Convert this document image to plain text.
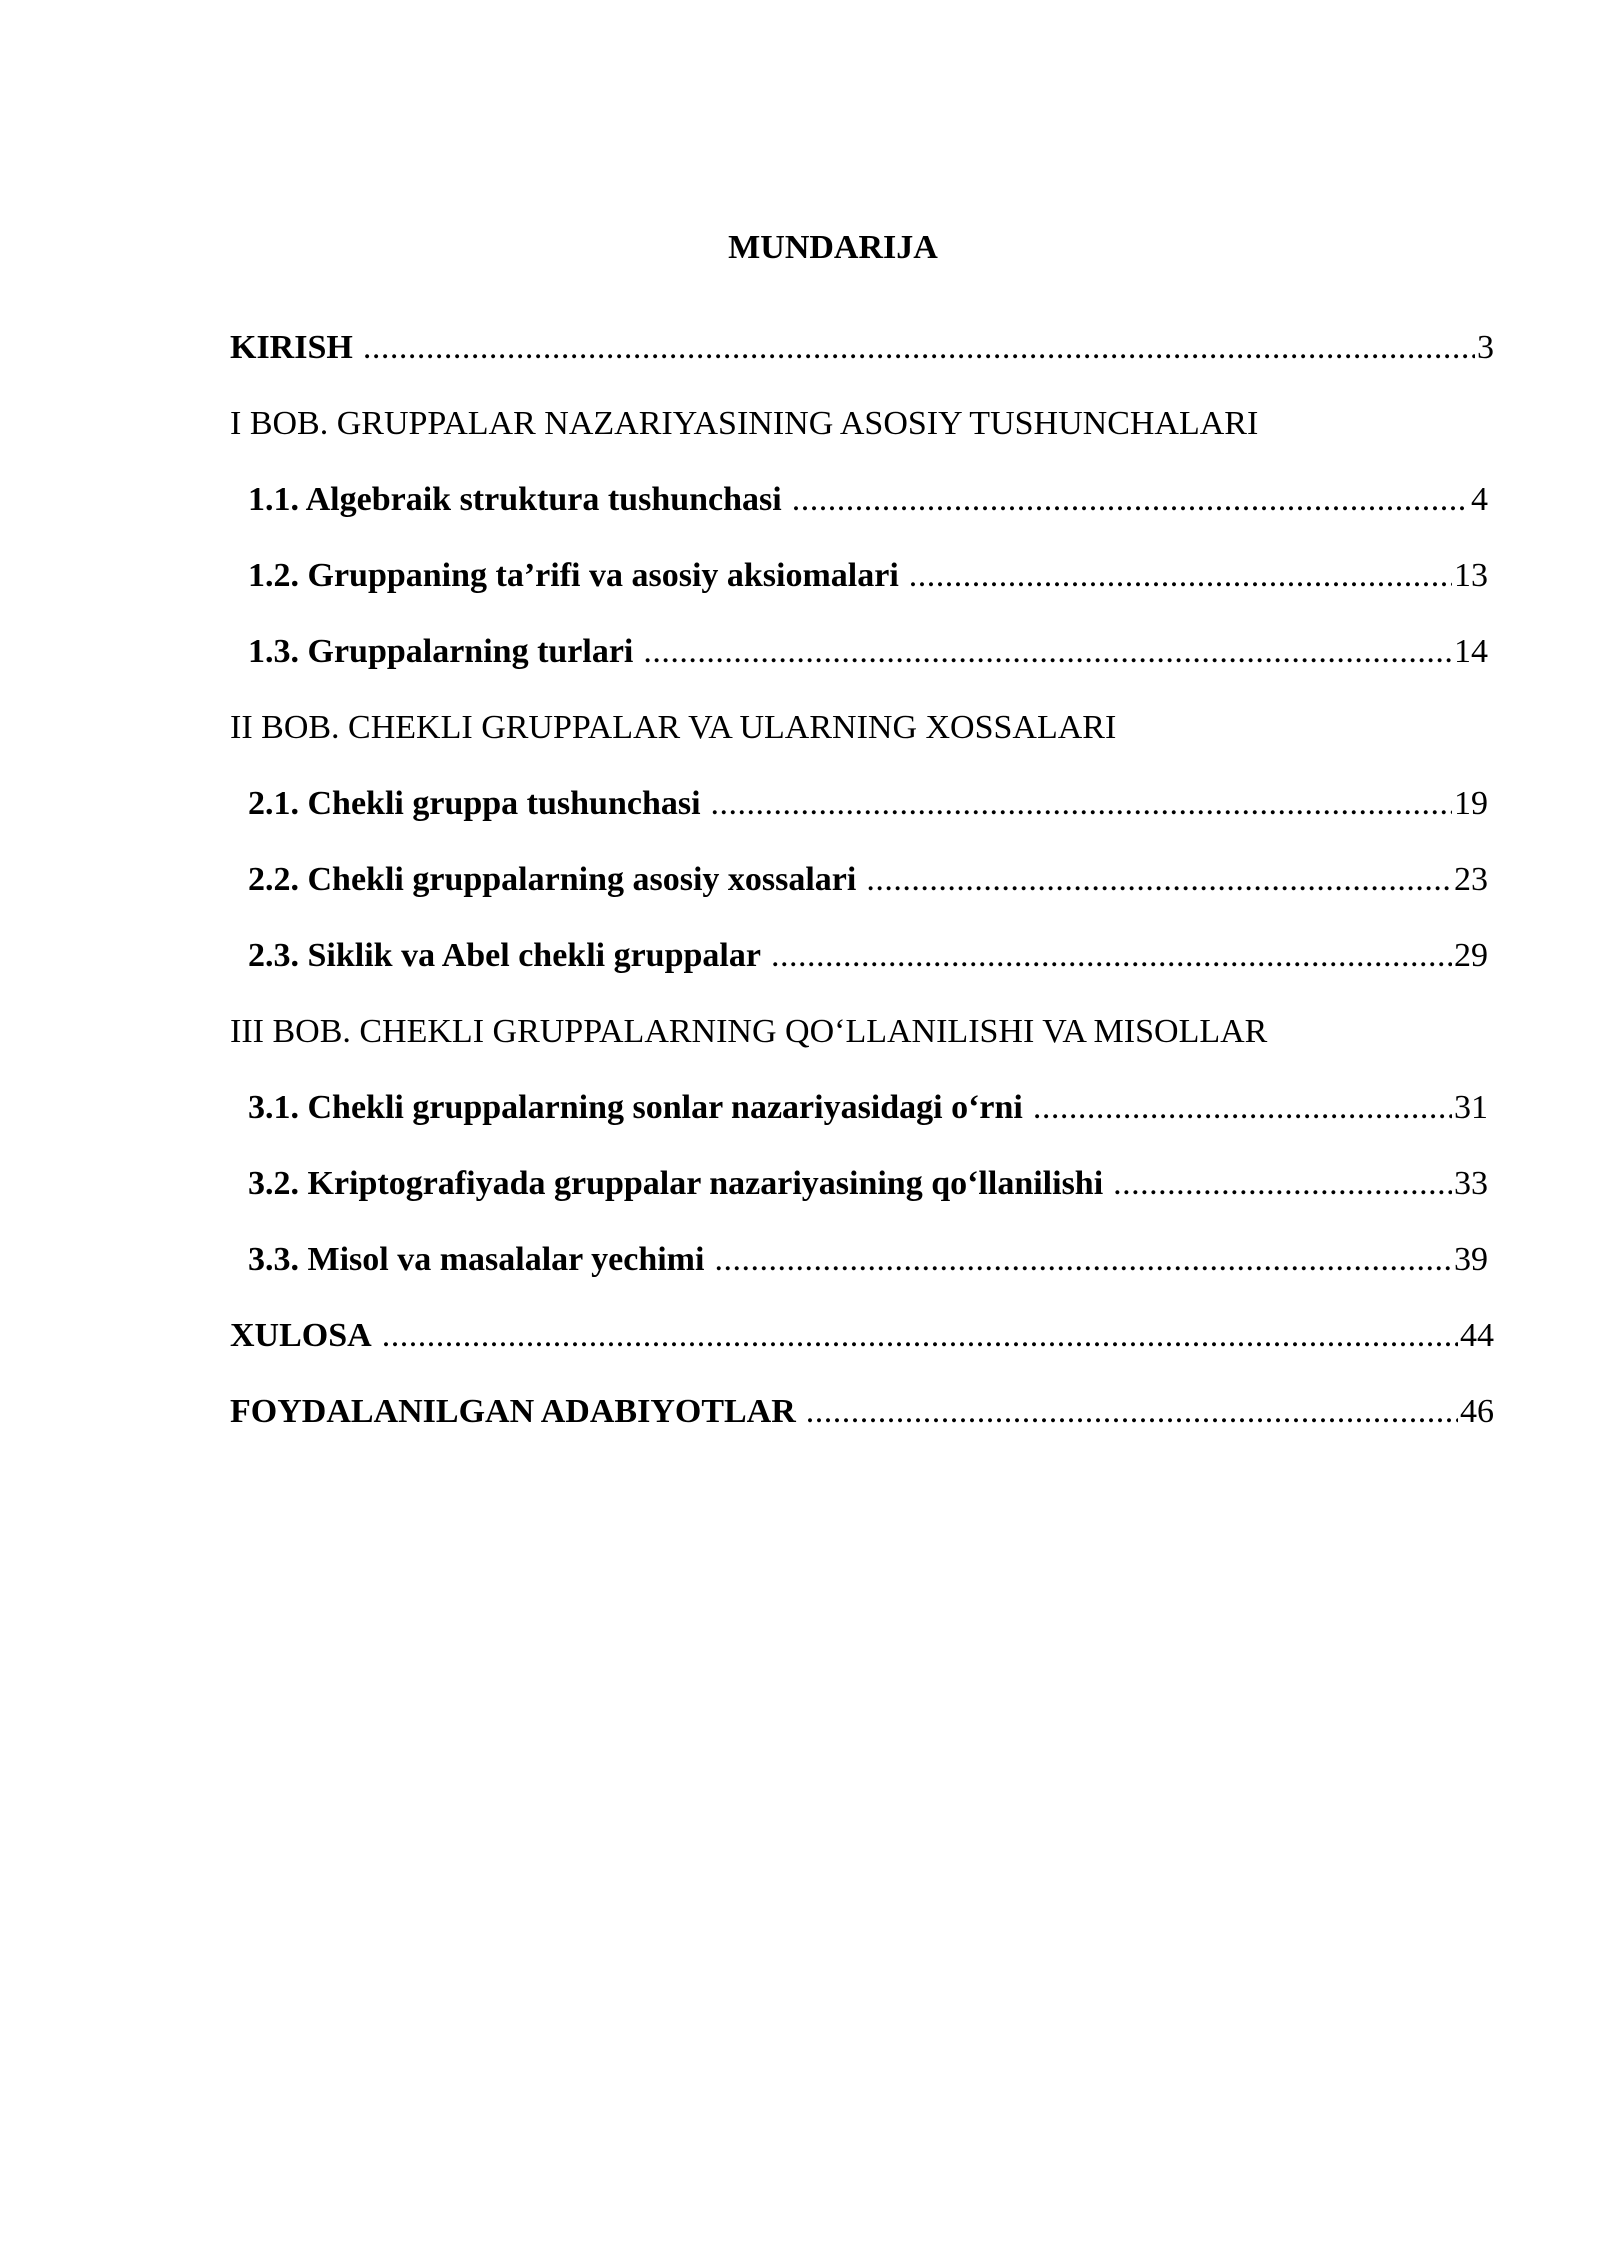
MUNDARIJA
KIRISH .....	3
I BOB. GRUPPALAR NAZARIYASINING ASOSIY TUSHUNCHALARI
1.1. Algebraik struktura tushunchasi .....	4
1.2. Gruppaning ta’rifi va asosiy aksiomalari .....	13
1.3. Gruppalarning turlari .....	14
II BOB. CHEKLI GRUPPALAR VA ULARNING XOSSALARI
2.1. Chekli gruppa tushunchasi .....	19
2.2. Chekli gruppalarning asosiy xossalari .....	23
2.3. Siklik va Abel chekli gruppalar .....	29
III BOB. CHEKLI GRUPPALARNING QO‘LLANILISHI VA MISOLLAR
3.1. Chekli gruppalarning sonlar nazariyasidagi o‘rni .....	31
3.2. Kriptografiyada gruppalar nazariyasining qo‘llanilishi .....	33
3.3. Misol va masalalar yechimi .....	39
XULOSA .....	44
FOYDALANILGAN ADABIYOTLAR .....	46
